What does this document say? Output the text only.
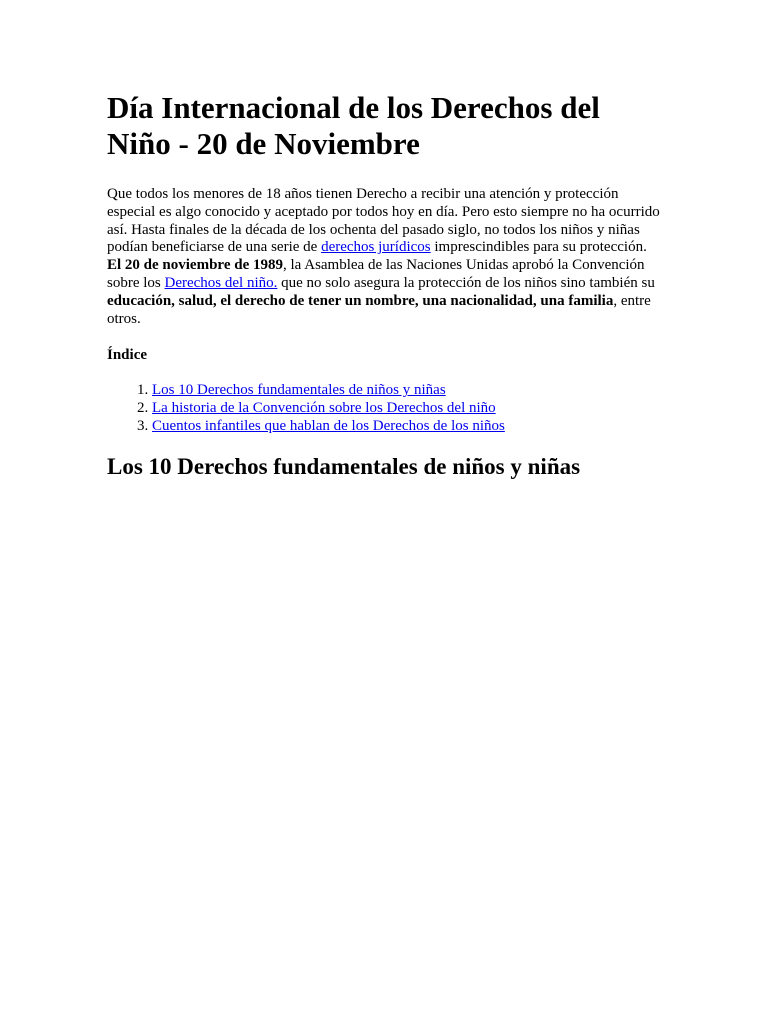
Día Internacional de los Derechos del Niño - 20 de Noviembre

Que todos los menores de 18 años tienen Derecho a recibir una atención y protección especial es algo conocido y aceptado por todos hoy en día. Pero esto siempre no ha ocurrido así. Hasta finales de la década de los ochenta del pasado siglo, no todos los niños y niñas podían beneficiarse de una serie de derechos jurídicos imprescindibles para su protección. El 20 de noviembre de 1989, la Asamblea de las Naciones Unidas aprobó la Convención sobre los Derechos del niño. que no solo asegura la protección de los niños sino también su educación, salud, el derecho de tener un nombre, una nacionalidad, una familia, entre otros.

Índice
1. Los 10 Derechos fundamentales de niños y niñas
2. La historia de la Convención sobre los Derechos del niño
3. Cuentos infantiles que hablan de los Derechos de los niños
Los 10 Derechos fundamentales de niños y niñas
